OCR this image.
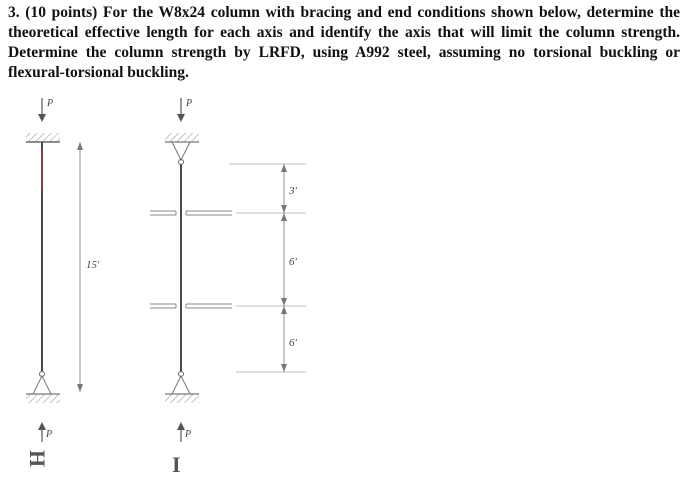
3. (10 points) For the W8x24 column with bracing and end conditions shown below, determine the theoretical effective length for each axis and identify the axis that will limit the column strength. Determine the column strength by LRFD, using A992 steel, assuming no torsional buckling or flexural-torsional buckling.
P
P
15′
H
P
P
I
3′
6′
6′
